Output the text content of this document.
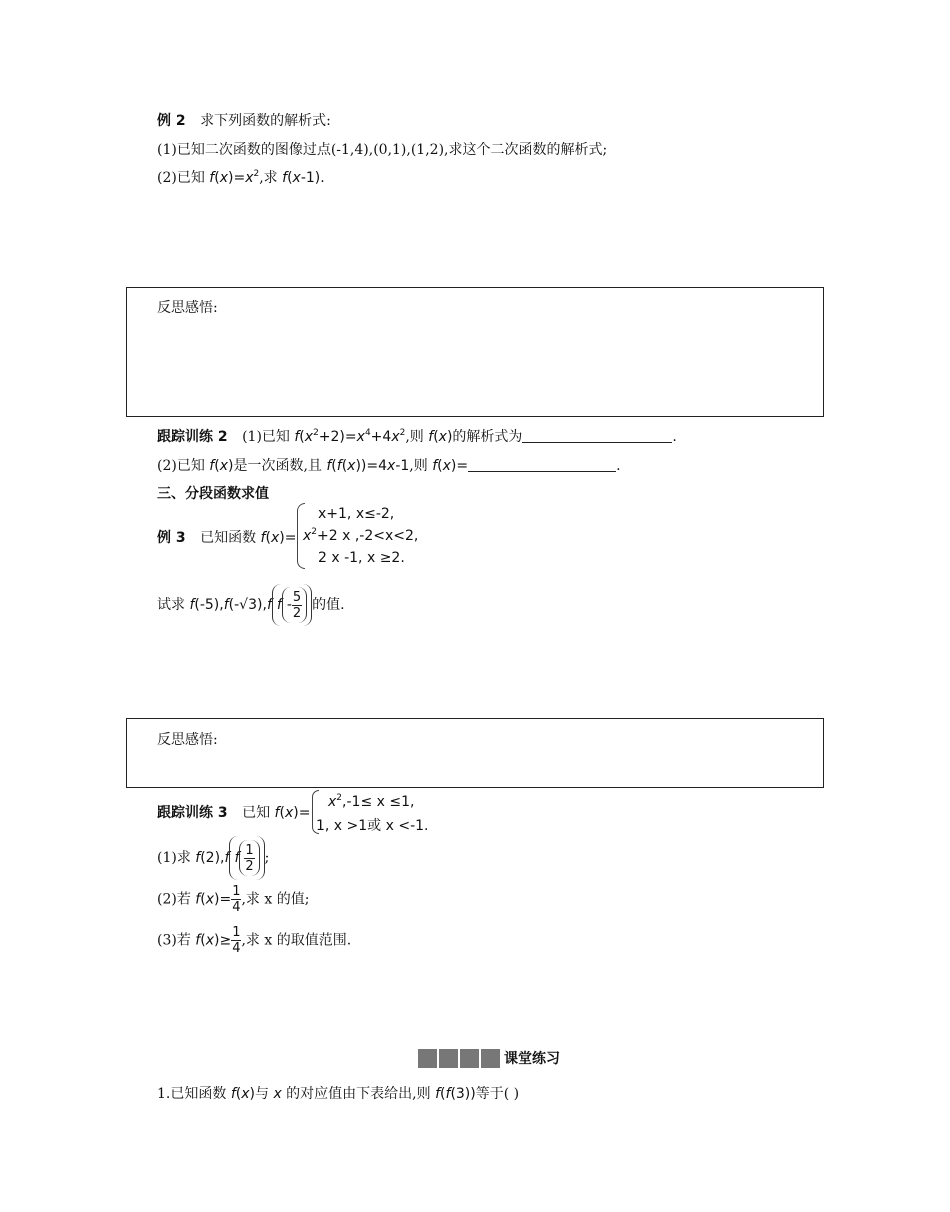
例 2 求下列函数的解析式:
(1)已知二次函数的图像过点(-1,4),(0,1),(1,2),求这个二次函数的解析式;
(2)已知 $f(x)=x^2$,求 f(x-1).
反思感悟:
跟踪训练 2 (1)已知 $f(x^2+2)=x^4+4x^2$,则 f(x)的解析式为	.
(2)已知 f(x)是一次函数,且 f(f(x))=4x-1,则 f(x)=	.
三、分段函数求值
例 3 已知函数 f(x)=
x+1, x≤-2,
$x^2+2$ x ,-2<x<2,
2 x -1, x ≥2.
试求 f(-5),f(-√3),f f - $\frac{5}{2}$ 的值.
反思感悟:
跟踪训练 3 已知 f(x)=
$x^2,-1\le x \le 1$,
1, x >1或 x <-1.
(1)求 f(2),f f $\frac{1}{2}$ ;
(2)若 $f(x)= \frac{1}{4}$ ,求 x 的值;
(3)若 $f(x)\ge \frac{1}{4}$ ,求 x 的取值范围.
课堂练习
1.已知函数 f(x)与 x 的对应值由下表给出,则 f(f(3))等于( )
